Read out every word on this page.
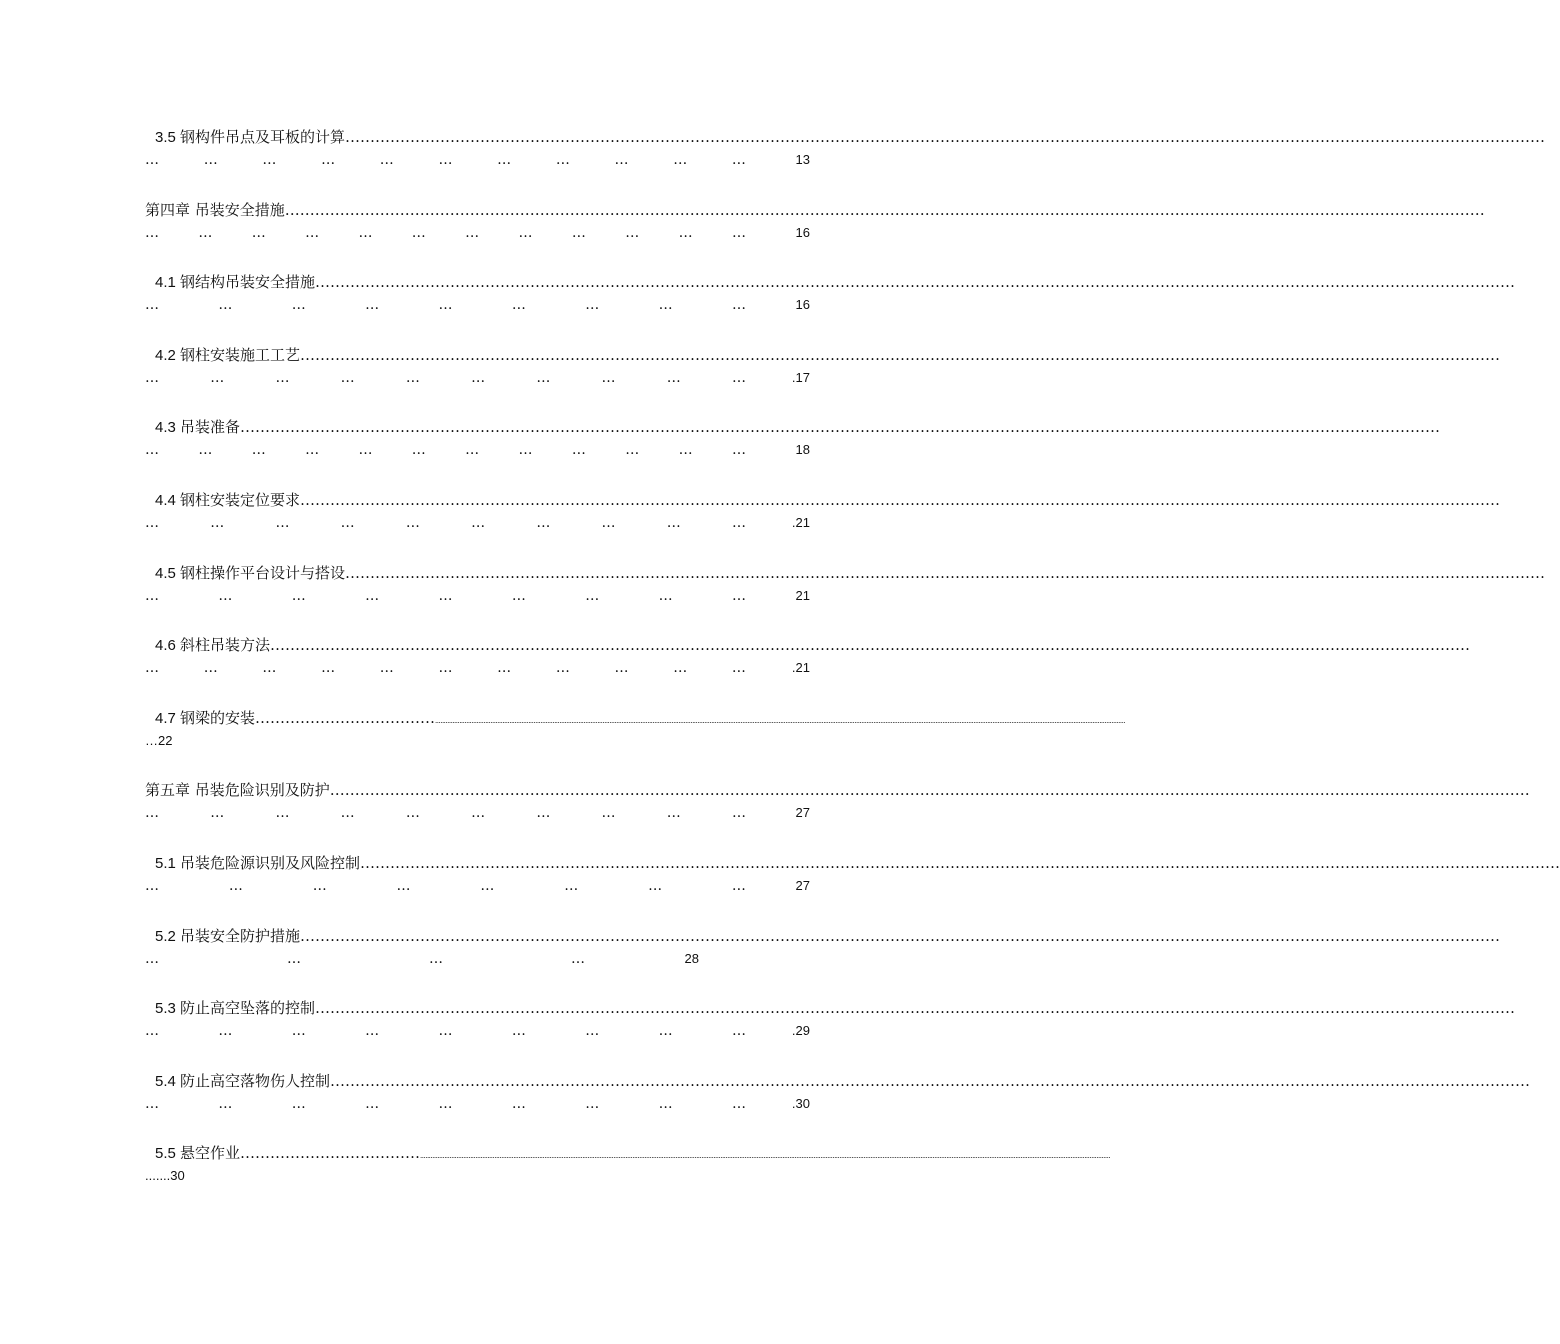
3.5 钢构件吊点及耳板的计算……………………………………………………………………………………………………………………………………………………………………………………………………………………
…	…	…	…	…	…	…	…	…	…	…	13
第四章 吊装安全措施……………………………………………………………………………………………………………………………………………………………………………………………………………………
…	…	…	…	…	…	…	…	…	…	…	…	16
4.1 钢结构吊装安全措施……………………………………………………………………………………………………………………………………………………………………………………………………………………
…	…	…	…	…	…	…	…	…	16
4.2 钢柱安装施工工艺……………………………………………………………………………………………………………………………………………………………………………………………………………………
…	…	…	…	…	…	…	…	…	…	.17
4.3 吊装准备……………………………………………………………………………………………………………………………………………………………………………………………………………………
…	…	…	…	…	…	…	…	…	…	…	…	18
4.4 钢柱安装定位要求……………………………………………………………………………………………………………………………………………………………………………………………………………………
…	…	…	…	…	…	…	…	…	…	.21
4.5 钢柱操作平台设计与搭设……………………………………………………………………………………………………………………………………………………………………………………………………………………
…	…	…	…	…	…	…	…	…	21
4.6 斜柱吊装方法……………………………………………………………………………………………………………………………………………………………………………………………………………………
…	…	…	…	…	…	…	…	…	…	…	.21
4.7 钢梁的安装………………………………................................................................................................................................................................................................................................................................................................................................................................................................................
…22
第五章 吊装危险识别及防护……………………………………………………………………………………………………………………………………………………………………………………………………………………
…	…	…	…	…	…	…	…	…	…	27
5.1 吊装危险源识别及风险控制……………………………………………………………………………………………………………………………………………………………………………………………………………………
…	…	…	…	…	…	…	…	27
5.2 吊装安全防护措施……………………………………………………………………………………………………………………………………………………………………………………………………………………
…	…	…	…	28
5.3 防止高空坠落的控制……………………………………………………………………………………………………………………………………………………………………………………………………………………
…	…	…	…	…	…	…	…	…	.29
5.4 防止高空落物伤人控制……………………………………………………………………………………………………………………………………………………………………………………………………………………
…	…	…	…	…	…	…	…	…	.30
5.5 悬空作业………………………………................................................................................................................................................................................................................................................................................................................................................................................................................
.......30
